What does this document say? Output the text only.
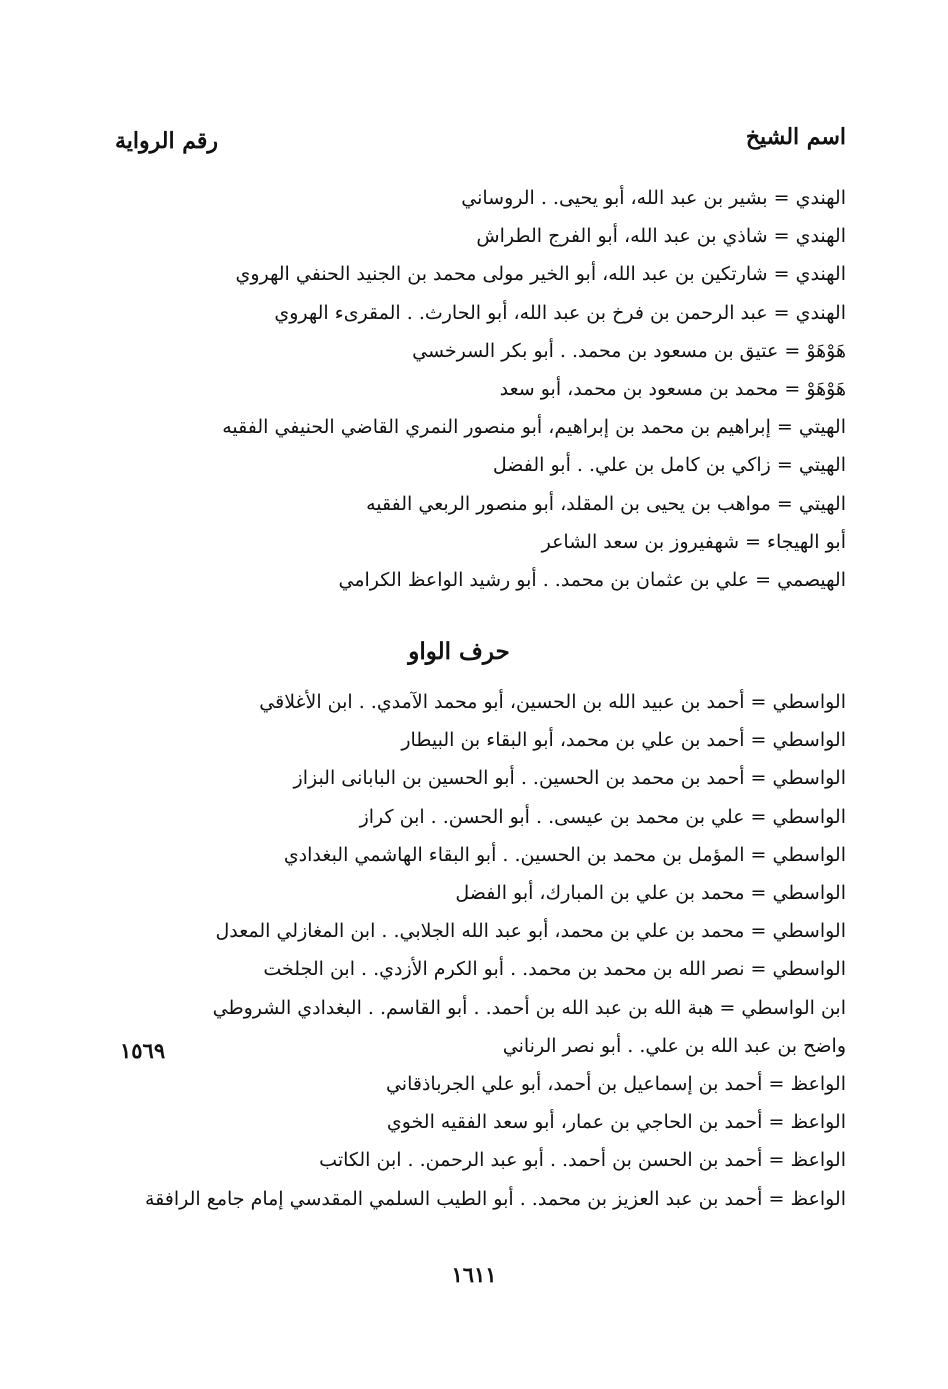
رقم الرواية	اسم الشيخ
الهندي = بشير بن عبد الله، أبو يحيى. . الروساني
الهندي = شاذي بن عبد الله، أبو الفرج الطراش
الهندي = شارتكين بن عبد الله، أبو الخير مولى محمد بن الجنيد الحنفي الهروي
الهندي = عبد الرحمن بن فرخ بن عبد الله، أبو الحارث. . المقرىء الهروي
هَوْهَوْ = عتيق بن مسعود بن محمد. . أبو بكر السرخسي
هَوْهَوْ = محمد بن مسعود بن محمد، أبو سعد
الهيتي = إبراهيم بن محمد بن إبراهيم، أبو منصور النمري القاضي الحنيفي الفقيه
الهيتي = زاكي بن كامل بن علي. . أبو الفضل
الهيتي = مواهب بن يحيى بن المقلد، أبو منصور الربعي الفقيه
أبو الهيجاء = شهفيروز بن سعد الشاعر
الهيصمي = علي بن عثمان بن محمد. . أبو رشيد الواعظ الكرامي
حرف الواو
الواسطي = أحمد بن عبيد الله بن الحسين، أبو محمد الآمدي. . ابن الأغلاقي
الواسطي = أحمد بن علي بن محمد، أبو البقاء بن البيطار
الواسطي = أحمد بن محمد بن الحسين. . أبو الحسين بن البابانى البزاز
الواسطي = علي بن محمد بن عيسى. . أبو الحسن. . ابن كراز
الواسطي = المؤمل بن محمد بن الحسين. . أبو البقاء الهاشمي البغدادي
الواسطي = محمد بن علي بن المبارك، أبو الفضل
الواسطي = محمد بن علي بن محمد، أبو عبد الله الجلابي. . ابن المغازلي المعدل
الواسطي = نصر الله بن محمد بن محمد. . أبو الكرم الأزدي. . ابن الجلخت
ابن الواسطي = هبة الله بن عبد الله بن أحمد. . أبو القاسم. . البغدادي الشروطي
واضح بن عبد الله بن علي. . أبو نصر الرناني
الواعظ = أحمد بن إسماعيل بن أحمد، أبو علي الجرباذقاني
الواعظ = أحمد بن الحاجي بن عمار، أبو سعد الفقيه الخوي
الواعظ = أحمد بن الحسن بن أحمد. . أبو عبد الرحمن. . ابن الكاتب
الواعظ = أحمد بن عبد العزيز بن محمد. . أبو الطيب السلمي المقدسي إمام جامع الرافقة
١٥٦٩
١٦١١
